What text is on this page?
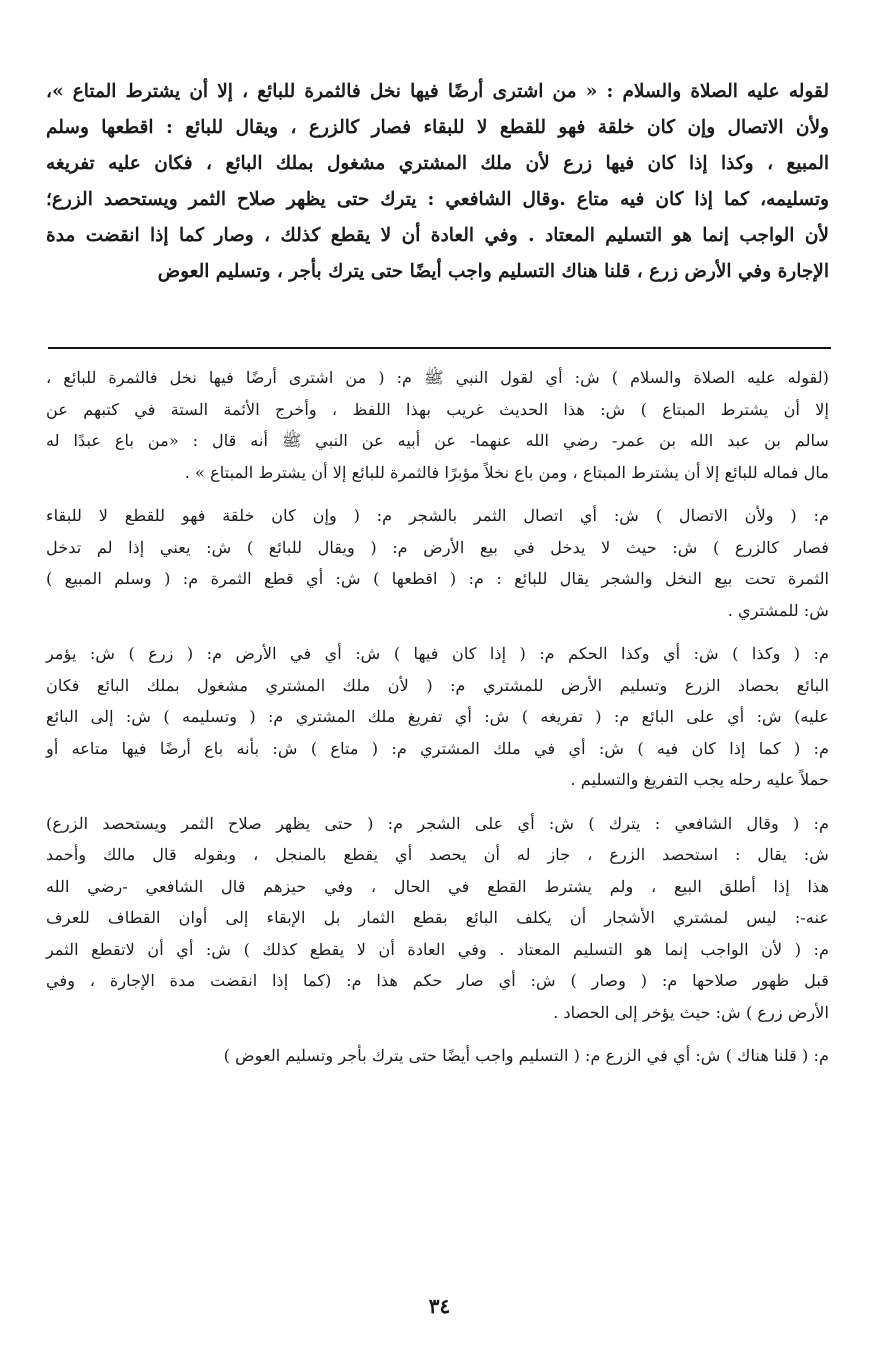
لقوله عليه الصلاة والسلام : « من اشترى أرضًا فيها نخل فالثمرة للبائع ، إلا أن يشترط المتاع »،
ولأن الاتصال وإن كان خلقة فهو للقطع لا للبقاء فصار كالزرع ، ويقال للبائع : اقطعها وسلم
المبيع ، وكذا إذا كان فيها زرع لأن ملك المشتري مشغول بملك البائع ، فكان عليه تفريغه
وتسليمه، كما إذا كان فيه متاع .وقال الشافعي : يترك حتى يظهر صلاح الثمر ويستحصد الزرع؛
لأن الواجب إنما هو التسليم المعتاد . وفي العادة أن لا يقطع كذلك ، وصار كما إذا انقضت مدة
الإجارة وفي الأرض زرع ، قلنا هناك التسليم واجب أيضًا حتى يترك بأجر ، وتسليم العوض

(لقوله عليه الصلاة والسلام ) ش: أي لقول النبي ﷺ م: ( من اشترى أرضًا فيها نخل فالثمرة للبائع ،
إلا أن يشترط المبتاع ) ش: هذا الحديث غريب بهذا اللفظ ، وأخرج الأئمة الستة في كتبهم عن
سالم بن عبد الله بن عمر- رضي الله عنهما- عن أبيه عن النبي ﷺ أنه قال : «من باع عبدًا له
مال فماله للبائع إلا أن يشترط المبتاع ، ومن باع نخلاً مؤبرًا فالثمرة للبائع إلا أن يشترط المبتاع » .

م: ( ولأن الاتصال ) ش: أي اتصال الثمر بالشجر م: ( وإن كان خلقة فهو للقطع لا للبقاء
فصار كالزرع ) ش: حيث لا يدخل في بيع الأرض م: ( ويقال للبائع ) ش: يعني إذا لم تدخل
الثمرة تحت بيع النخل والشجر يقال للبائع : م: ( اقطعها ) ش: أي قطع الثمرة م: ( وسلم المبيع )
ش: للمشتري .

م: ( وكذا ) ش: أي وكذا الحكم م: ( إذا كان فيها ) ش: أي في الأرض م: ( زرع ) ش: يؤمر
البائع بحصاد الزرع وتسليم الأرض للمشتري م: ( لأن ملك المشتري مشغول بملك البائع فكان
عليه) ش: أي على البائع م: ( تفريغه ) ش: أي تفريغ ملك المشتري م: ( وتسليمه ) ش: إلى البائع
م: ( كما إذا كان فيه ) ش: أي في ملك المشتري م: ( متاع ) ش: بأنه باع أرضًا فيها متاعه أو
حملاً عليه رحله يجب التفريغ والتسليم .

م: ( وقال الشافعي : يترك ) ش: أي على الشجر م: ( حتى يظهر صلاح الثمر ويستحصد الزرع)
ش: يقال : استحصد الزرع ، جاز له أن يحصد أي يقطع بالمنجل ، وبقوله قال مالك وأحمد
هذا إذا أطلق البيع ، ولم يشترط القطع في الحال ، وفي حيزهم قال الشافعي -رضي الله
عنه-: ليس لمشتري الأشجار أن يكلف البائع بقطع الثمار بل الإبقاء إلى أوان القطاف للعرف
م: ( لأن الواجب إنما هو التسليم المعتاد . وفي العادة أن لا يقطع كذلك ) ش: أي أن لاتقطع الثمر
قبل ظهور صلاحها م: ( وصار ) ش: أي صار حكم هذا م: (كما إذا انقضت مدة الإجارة ، وفي
الأرض زرع ) ش: حيث يؤخر إلى الحصاد .

م: ( قلنا هناك ) ش: أي في الزرع م: ( التسليم واجب أيضًا حتى يترك بأجر وتسليم العوض )

٣٤
